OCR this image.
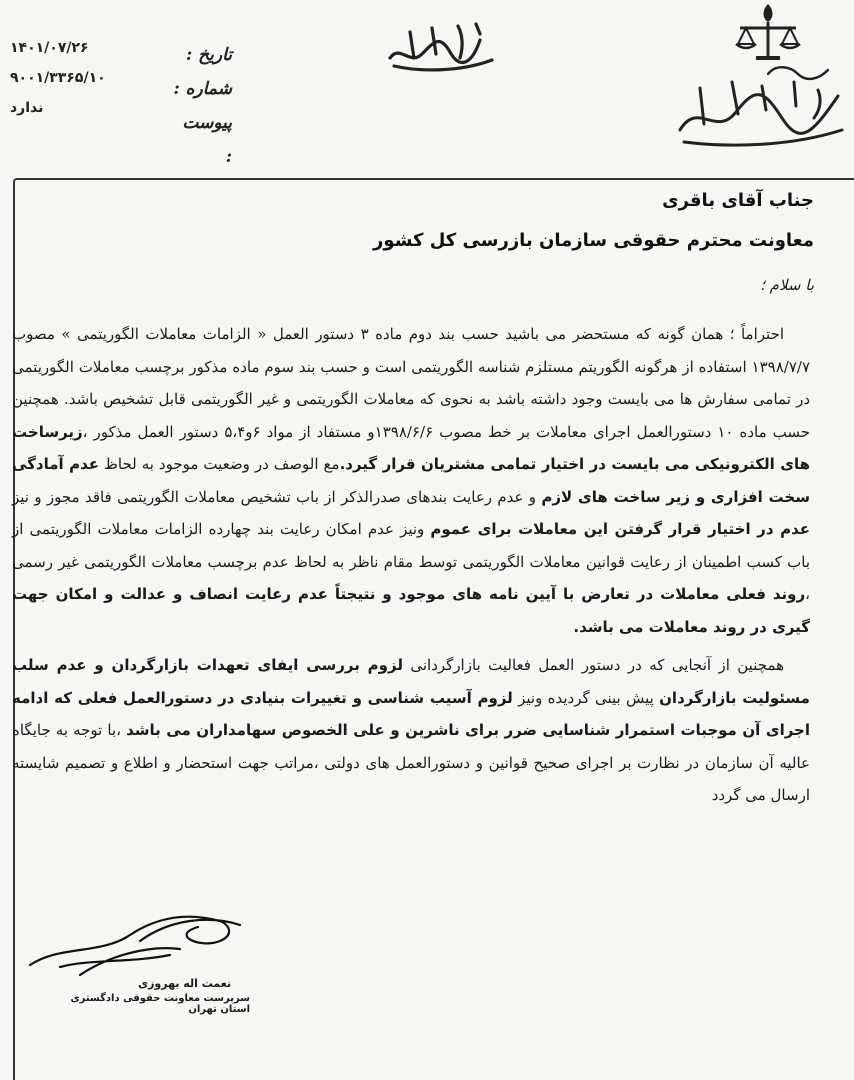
۱۴۰۱/۰۷/۲۶
۹۰۰۱/۳۳۶۵/۱۰
ندارد
تاریخ :
شماره :
پیوست :
جناب آقای باقری
معاونت محترم حقوقی سازمان بازرسی کل کشور
با سلام ؛

احتراماً ؛ همان گونه که مستحضر می باشید حسب بند دوم ماده ۳ دستور العمل « الزامات معاملات الگوریتمی » مصوب ۱۳۹۸/۷/۷ استفاده از هرگونه الگوریتم مستلزم شناسه الگوریتمی است و حسب بند سوم ماده مذکور برچسب معاملات الگوریتمی در تمامی سفارش ها می بایست وجود داشته باشد به نحوی که معاملات الگوریتمی و غیر الگوریتمی قابل تشخیص باشد. همچنین حسب ماده ۱۰ دستورالعمل اجرای معاملات بر خط مصوب ۱۳۹۸/۶/۶و مستفاد از مواد ۶و۵،۴ دستور العمل مذکور ،زیرساخت های الکترونیکی می بایست در اختیار تمامی مشتریان قرار گیرد.مع الوصف در وضعیت موجود به لحاظ عدم آمادگی سخت افزاری و زیر ساخت های لازم و عدم رعایت بندهای صدرالذکر از باب تشخیص معاملات الگوریتمی فاقد مجوز و نیز عدم در اختیار قرار گرفتن این معاملات برای عموم ونیز عدم امکان رعایت بند چهارده الزامات معاملات الگوریتمی از باب کسب اطمینان از رعایت قوانین معاملات الگوریتمی توسط مقام ناظر به لحاظ عدم برچسب معاملات الگوریتمی غیر رسمی ،روند فعلی معاملات در تعارض با آیین نامه های موجود و نتیجتاً عدم رعایت انصاف و عدالت و امکان جهت گیری در روند معاملات می باشد.

همچنین از آنجایی که در دستور العمل فعالیت بازارگردانی لزوم بررسی ایفای تعهدات بازارگردان و عدم سلب مسئولیت بازارگردان پیش بینی گردیده ونیز لزوم آسیب شناسی و تغییرات بنیادی در دستورالعمل فعلی که ادامه اجرای آن موجبات استمرار شناسایی ضرر برای ناشرین و علی الخصوص سهامداران می باشد ،با توجه به جایگاه عالیه آن سازمان در نظارت بر اجرای صحیح قوانین و دستورالعمل های دولتی ،مراتب جهت استحضار و اطلاع و تصمیم شایسته ارسال می گردد

نعمت اله بهروزی
سرپرست معاونت حقوقی دادگستری استان تهران
